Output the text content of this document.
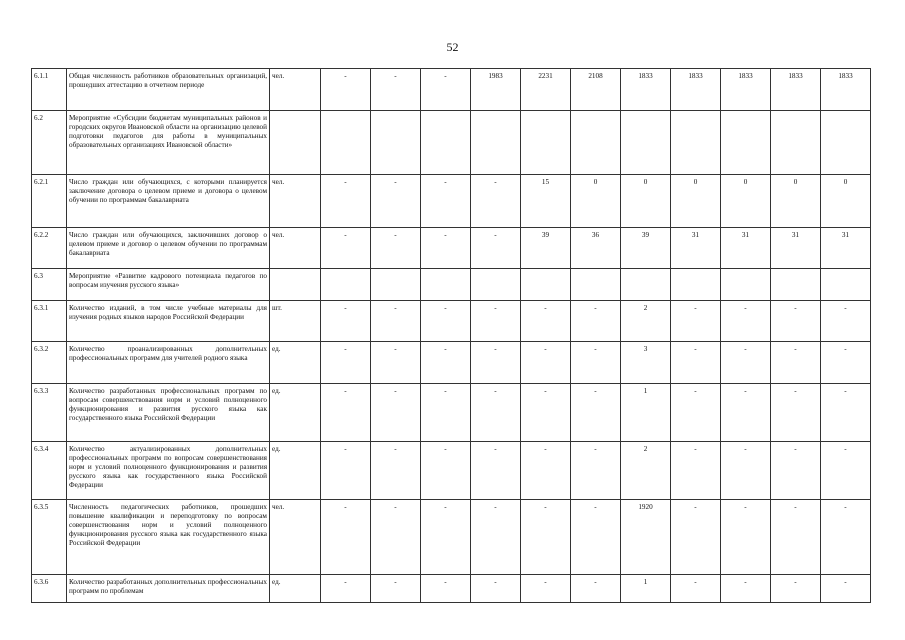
52
6.1.1	Общая численность работников образовательных организаций, прошедших аттестацию в отчетном периоде	чел.	-	-	-	1983	2231	2108	1833	1833	1833	1833	1833
6.2	Мероприятие «Субсидии бюджетам муниципальных районов и городских округов Ивановской области на организацию целевой подготовки педагогов для работы в муниципальных образовательных организациях Ивановской области»												
6.2.1	Число граждан или обучающихся, с которыми планируется заключение договора о целевом приеме и договора о целевом обучении по программам бакалавриата	чел.	-	-	-	-	15	0	0	0	0	0	0
6.2.2	Число граждан или обучающихся, заключивших договор о целевом приеме и договор о целевом обучении по программам бакалавриата	чел.	-	-	-	-	39	36	39	31	31	31	31
6.3	Мероприятие «Развитие кадрового потенциала педагогов по вопросам изучения русского языка»												
6.3.1	Количество изданий, в том числе учебные материалы для изучения родных языков народов Российской Федерации	шт.	-	-	-	-	-	-	2	-	-	-	-
6.3.2	Количество проанализированных дополнительных профессиональных программ для учителей родного языка	ед.	-	-	-	-	-	-	3	-	-	-	-
6.3.3	Количество разработанных профессиональных программ по вопросам совершенствования норм и условий полноценного функционирования и развития русского языка как государственного языка Российской Федерации	ед.	-	-	-	-	-	-	1	-	-	-	-
6.3.4	Количество актуализированных дополнительных профессиональных программ по вопросам совершенствования норм и условий полноценного функционирования и развития русского языка как государственного языка Российской Федерации	ед.	-	-	-	-	-	-	2	-	-	-	-
6.3.5	Численность педагогических работников, прошедших повышение квалификации и переподготовку по вопросам совершенствования норм и условий полноценного функционирования русского языка как государственного языка Российской Федерации	чел.	-	-	-	-	-	-	1920	-	-	-	-
6.3.6	Количество разработанных дополнительных профессиональных программ по проблемам	ед.	-	-	-	-	-	-	1	-	-	-	-
